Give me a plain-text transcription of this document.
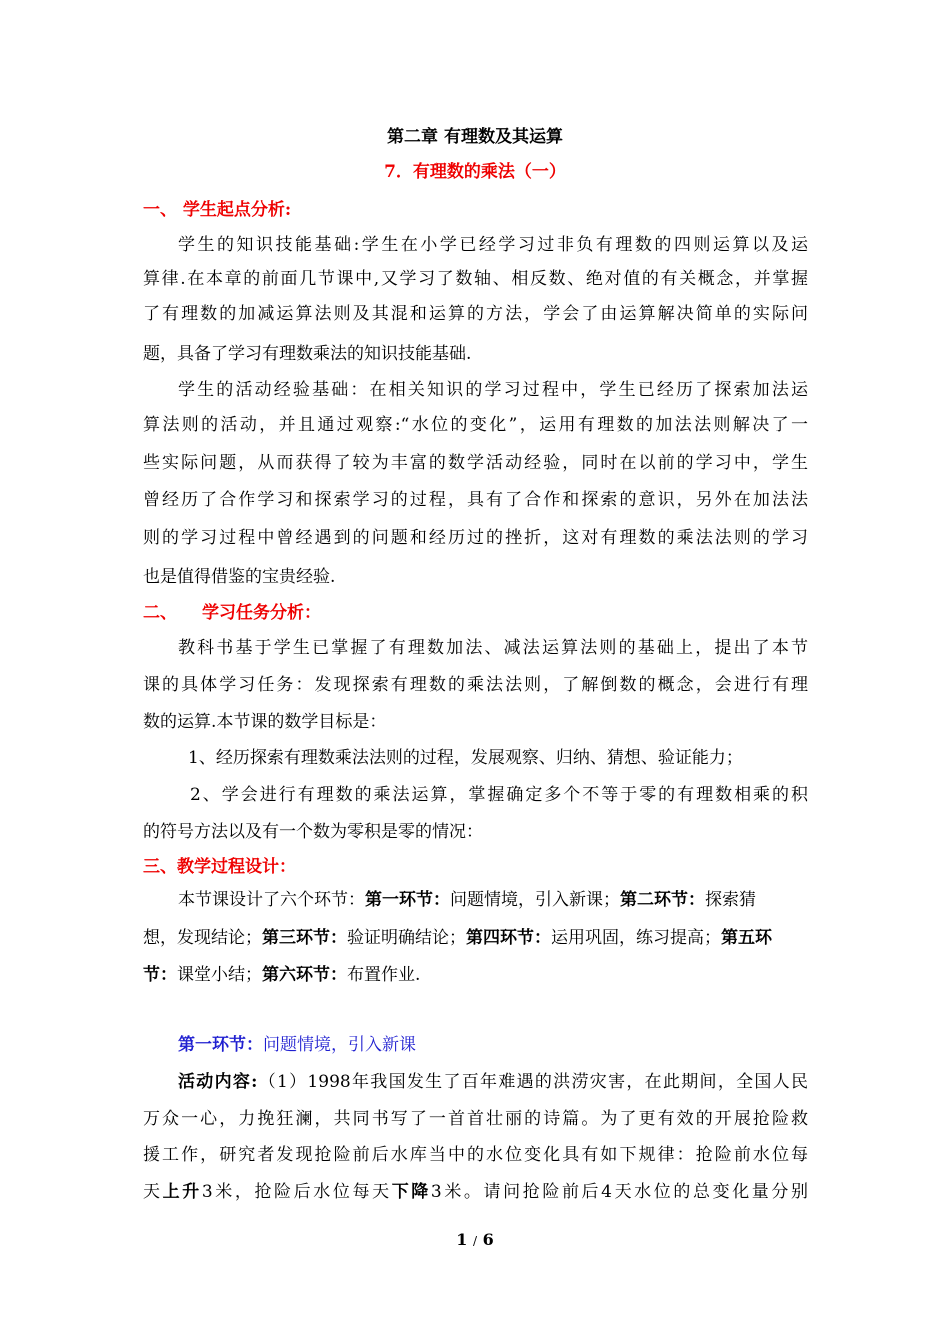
第二章 有理数及其运算
7．有理数的乘法（一）
一、 学生起点分析:
学生的知识技能基础:学生在小学已经学习过非负有理数的四则运算以及运
算律.在本章的前面几节课中,又学习了数轴、相反数、绝对值的有关概念，并掌握
了有理数的加减运算法则及其混和运算的方法，学会了由运算解决简单的实际问
题，具备了学习有理数乘法的知识技能基础.
学生的活动经验基础：在相关知识的学习过程中，学生已经历了探索加法运
算法则的活动，并且通过观察:“水位的变化”，运用有理数的加法法则解决了一
些实际问题，从而获得了较为丰富的数学活动经验，同时在以前的学习中，学生
曾经历了合作学习和探索学习的过程，具有了合作和探索的意识，另外在加法法
则的学习过程中曾经遇到的问题和经历过的挫折，这对有理数的乘法法则的学习
也是值得借鉴的宝贵经验.
二、	学习任务分析：
教科书基于学生已掌握了有理数加法、减法运算法则的基础上，提出了本节
课的具体学习任务：发现探索有理数的乘法法则，了解倒数的概念，会进行有理
数的运算.本节课的数学目标是：
1、经历探索有理数乘法法则的过程，发展观察、归纳、猜想、验证能力；
2、学会进行有理数的乘法运算，掌握确定多个不等于零的有理数相乘的积
的符号方法以及有一个数为零积是零的情况：
三、教学过程设计：
本节课设计了六个环节：第一环节：问题情境，引入新课；第二环节：探索猜
想，发现结论；第三环节：验证明确结论；第四环节：运用巩固，练习提高；第五环
节：课堂小结；第六环节：布置作业.
第一环节：问题情境，引入新课
活动内容:（1）1998年我国发生了百年难遇的洪涝灾害，在此期间，全国人民
万众一心，力挽狂澜，共同书写了一首首壮丽的诗篇。为了更有效的开展抢险救
援工作，研究者发现抢险前后水库当中的水位变化具有如下规律：抢险前水位每
天上升3米，抢险后水位每天下降3米。请问抢险前后4天水位的总变化量分别
1 / 6
